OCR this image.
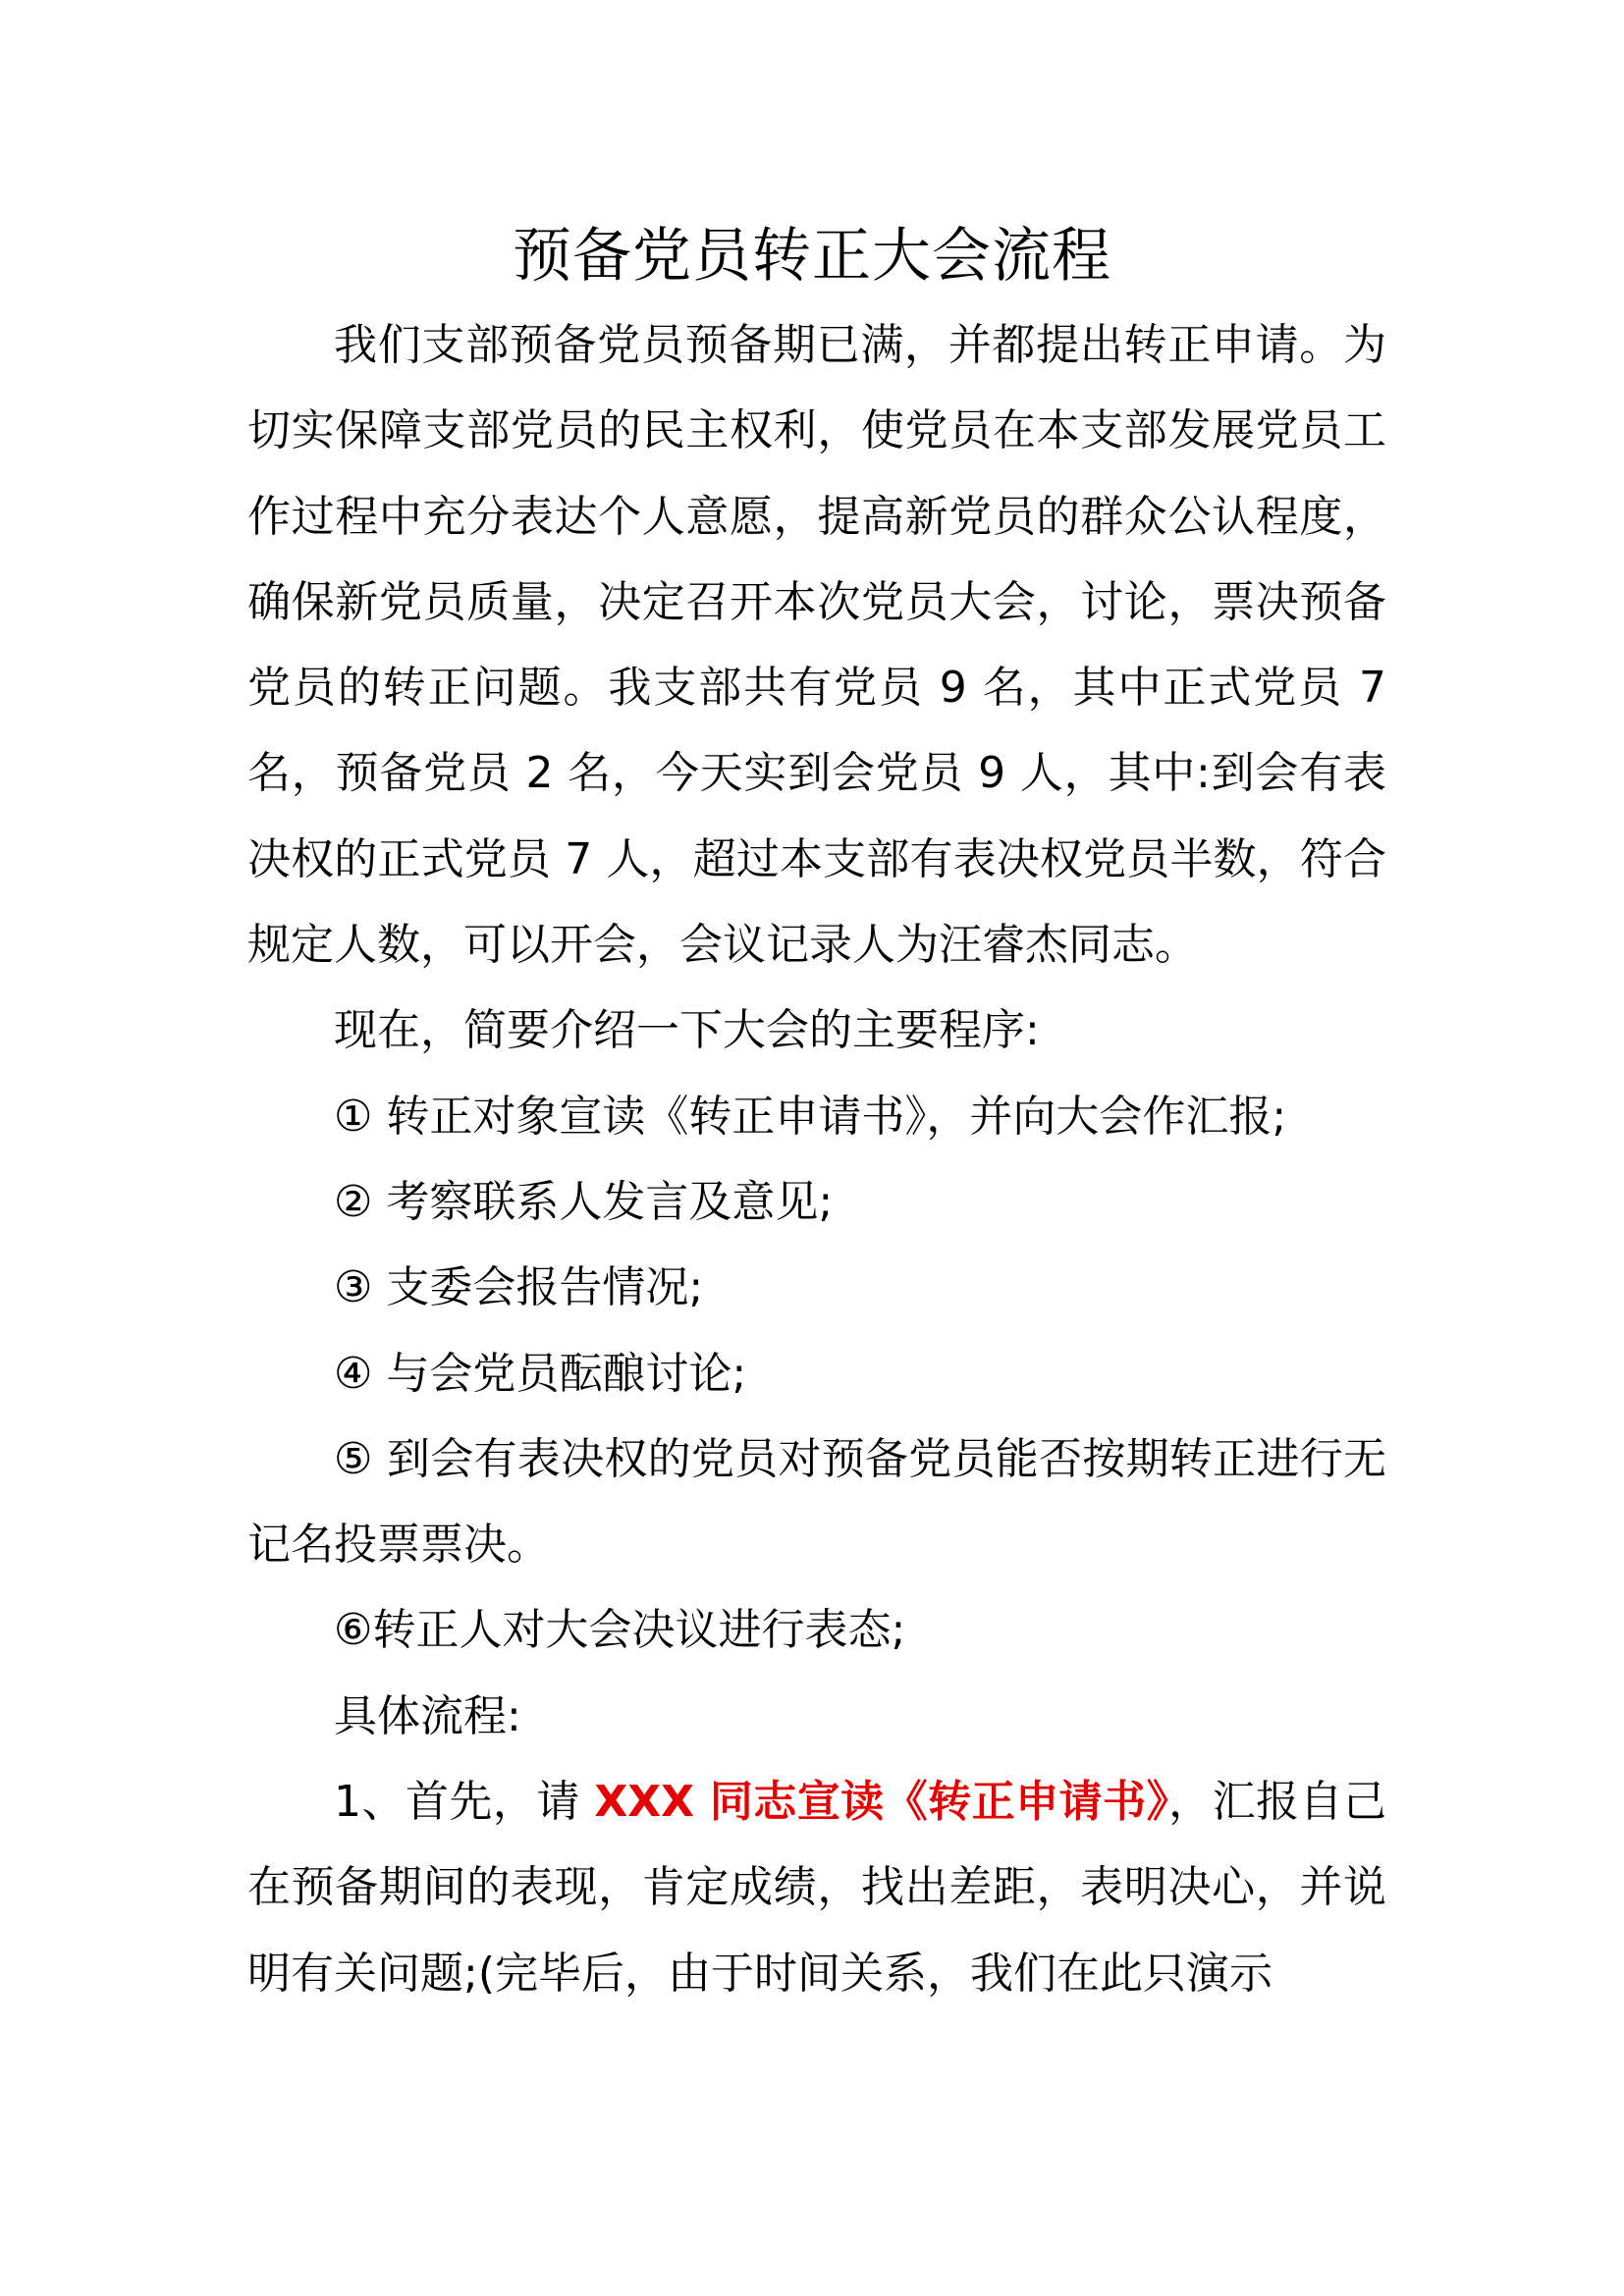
预备党员转正大会流程

我们支部预备党员预备期已满，并都提出转正申请。为切实保障支部党员的民主权利，使党员在本支部发展党员工作过程中充分表达个人意愿，提高新党员的群众公认程度，确保新党员质量，决定召开本次党员大会，讨论，票决预备党员的转正问题。我支部共有党员 9 名，其中正式党员 7 名，预备党员 2 名，今天实到会党员 9 人，其中:到会有表决权的正式党员 7 人，超过本支部有表决权党员半数，符合规定人数，可以开会，会议记录人为汪睿杰同志。

现在，简要介绍一下大会的主要程序:

① 转正对象宣读《转正申请书》，并向大会作汇报;

② 考察联系人发言及意见;

③ 支委会报告情况;

④ 与会党员酝酿讨论;

⑤ 到会有表决权的党员对预备党员能否按期转正进行无记名投票票决。

⑥转正人对大会决议进行表态;

具体流程:

1、首先，请 XXX 同志宣读《转正申请书》，汇报自己在预备期间的表现，肯定成绩，找出差距，表明决心，并说明有关问题;(完毕后，由于时间关系，我们在此只演示
